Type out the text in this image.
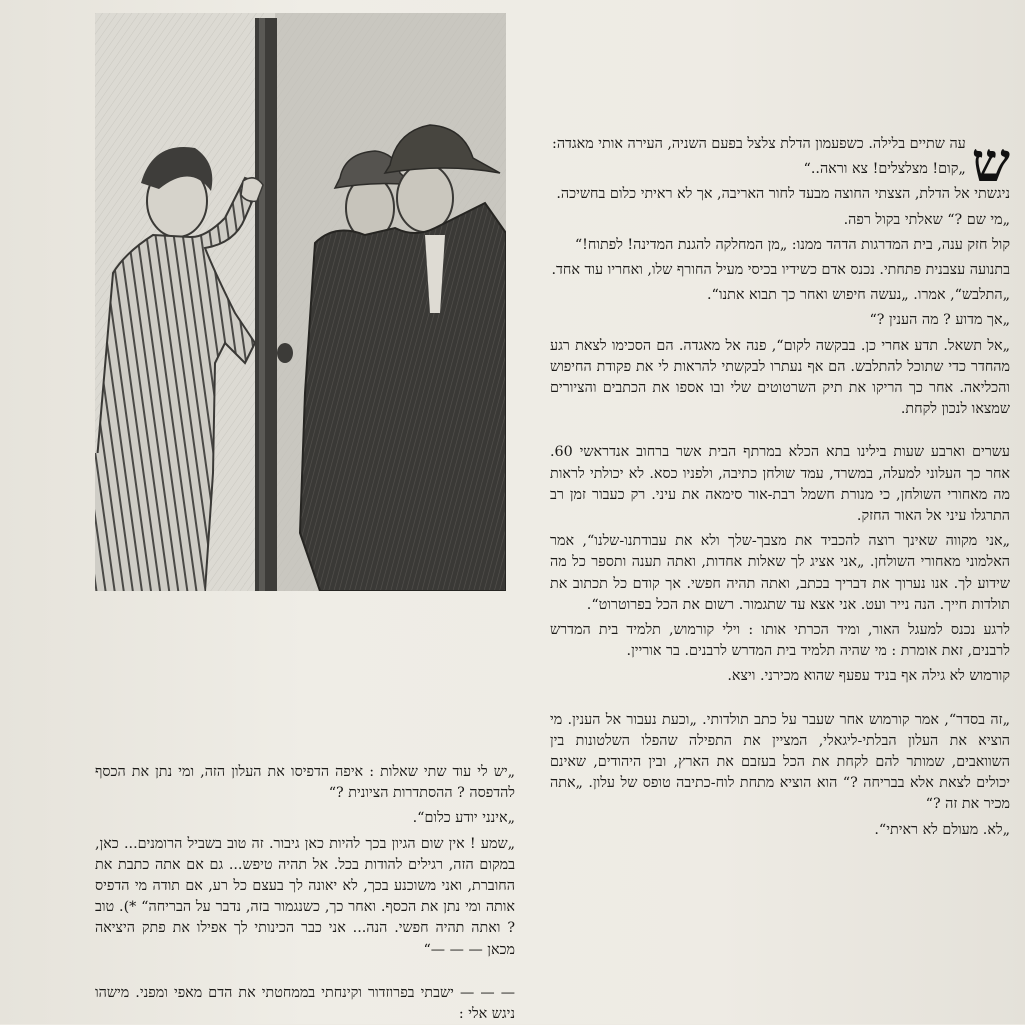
ש

עה שתיים בלילה. כשפעמון הדלת צלצל בפעם השניה, העירה אותי מאגדה:

„קום! מצלצלים! צא וראה..“

ניגשתי אל הדלת, הצצתי החוצה מבעד לחור האריבה, אך לא ראיתי כלום בחשיכה.

„מי שם ?“ שאלתי בקול רפה.

קול חזק ענה, בית המדרגות הדהד ממנו: „מן המחלקה להגנת המדינה! לפתוח!“

בתנועה עצבנית פתחתי. נכנס אדם כשידיו בכיסי מעיל החורף שלו, ואחריו עוד אחד.

„התלבש“, אמרו. „נעשה חיפוש ואחר כך תבוא אתנו“.

„אך מדוע ? מה הענין ?“

„אל תשאל. תדע אחרי כן. בבקשה לקום“, פנה אל מאגדה. הם הסכימו לצאת רגע מהחדר כדי שתוכל להתלבש. הם אף נעתרו לבקשתי להראות לי את פקודת החיפוש והכליאה. אחר כך הריקו את תיק השרטוטים שלי ובו אספו את הכתבים והציורים שמצאו לנכון לקחת.

עשרים וארבע שעות בילינו בתא הכלא במרתף הבית אשר ברחוב אנדראשי 60. אחר כך העלוני למעלה, במשרד, עמד שולחן כתיבה, ולפניו כסא. לא יכולתי לראות מה מאחורי השולחן, כי מנורת חשמל רבת-אור סימאה את עיני. רק כעבור זמן רב התרגלו עיני אל האור החזק.

„אני מקווה שאינך רוצה להכביד את מצבך-שלך ולא את עבודתנו-שלנו“, אמר האלמוני מאחורי השולחן. „אני אציג לך שאלות אחדות, ואתה תענה ותספר כל מה שידוע לך. אנו נערוך את דבריך בכתב, ואתה תהיה חפשי. אך קודם כל תכתוב את תולדות חייך. הנה נייר ועט. אני אצא עד שתגמור. רשום את הכל בפרוטרוט“.

לרגע נכנס למעגל האור, ומיד הכרתי אותו : וילי קורמוש, תלמיד בית המדרש לרבנים, זאת אומרת : מי שהיה תלמיד בית המדרש לרבנים. בר אוריין.

קורמוש לא גילה אף בניד עפעף שהוא מכירני. ויצא.

„זה בסדר“, אמר קורמוש אחר שעבר על כתב תולדותי. „וכעת נעבור אל הענין. מי הוציא את העלון הבלתי-ליגאלי, המציין את התפילה שהפלו השלטונות בין השוואבים, שמותר להם לקחת את הכל בעזבם את הארץ, ובין היהודים, שאינם יכולים לצאת אלא בבריחה ?“ הוא הוציא מתחת לוח-כתיבה טופס של עלון. „אתה מכיר את זה ?“

„לא. מעולם לא ראיתי“.

„יש לי עוד שתי שאלות : איפה הדפיסו את העלון הזה, ומי נתן את הכסף להדפסה ? ההסתדרות הציונית ?“

„אינני יודע כלום“.

„שמע ! אין שום הגיון בכך להיות כאן גיבור. זה טוב בשביל הרומנים... כאן, במקום הזה, רגילים להודות בכל. אל תהיה טיפש... גם אם אתה כתבת את החוברת, ואני משוכנע בכך, לא יאונה לך בעצם כל רע, אם תודה מי הדפיס אותה ומי נתן את הכסף. ואחר כך, כשנגמור בזה, נדבר על הבריחה“ *). טוב ? ואתה תהיה חפשי. הנה... אני כבר הכינותי לך אפילו את פתק היציאה מכאן — — —“

— — — ישבתי בפרוזדור וקינחתי בממחטתי את הדם מאפי ומפני. מישהו ניגש אלי :
